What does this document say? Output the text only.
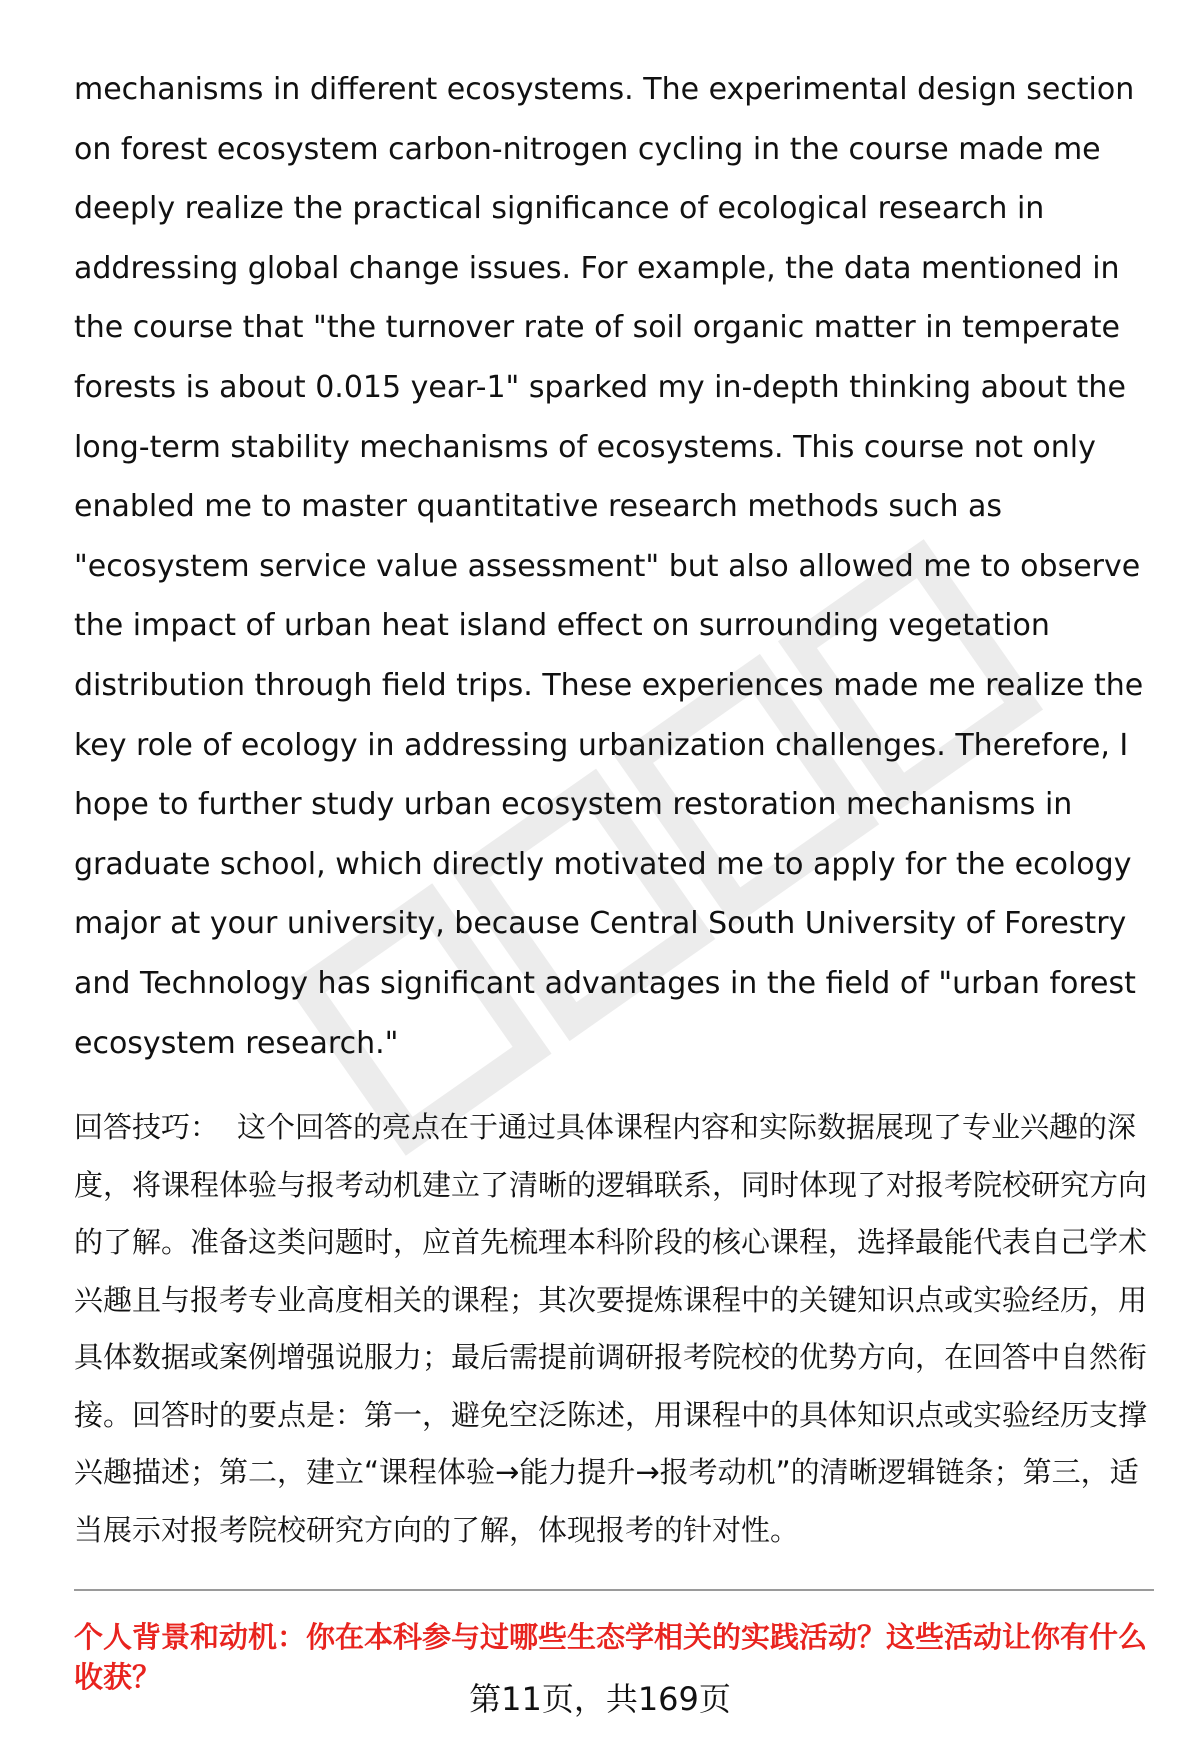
mechanisms in different ecosystems. The experimental design section on forest ecosystem carbon-nitrogen cycling in the course made me deeply realize the practical significance of ecological research in addressing global change issues. For example, the data mentioned in the course that "the turnover rate of soil organic matter in temperate forests is about 0.015 year-1" sparked my in-depth thinking about the long-term stability mechanisms of ecosystems. This course not only enabled me to master quantitative research methods such as "ecosystem service value assessment" but also allowed me to observe the impact of urban heat island effect on surrounding vegetation distribution through field trips. These experiences made me realize the key role of ecology in addressing urbanization challenges. Therefore, I hope to further study urban ecosystem restoration mechanisms in graduate school, which directly motivated me to apply for the ecology major at your university, because Central South University of Forestry and Technology has significant advantages in the field of "urban forest ecosystem research."

回答技巧： 这个回答的亮点在于通过具体课程内容和实际数据展现了专业兴趣的深度，将课程体验与报考动机建立了清晰的逻辑联系，同时体现了对报考院校研究方向的了解。准备这类问题时，应首先梳理本科阶段的核心课程，选择最能代表自己学术兴趣且与报考专业高度相关的课程；其次要提炼课程中的关键知识点或实验经历，用具体数据或案例增强说服力；最后需提前调研报考院校的优势方向，在回答中自然衔接。回答时的要点是：第一，避免空泛陈述，用课程中的具体知识点或实验经历支撑兴趣描述；第二，建立“课程体验→能力提升→报考动机”的清晰逻辑链条；第三，适当展示对报考院校研究方向的了解，体现报考的针对性。

个人背景和动机：你在本科参与过哪些生态学相关的实践活动？这些活动让你有什么收获？

第11页，共169页
